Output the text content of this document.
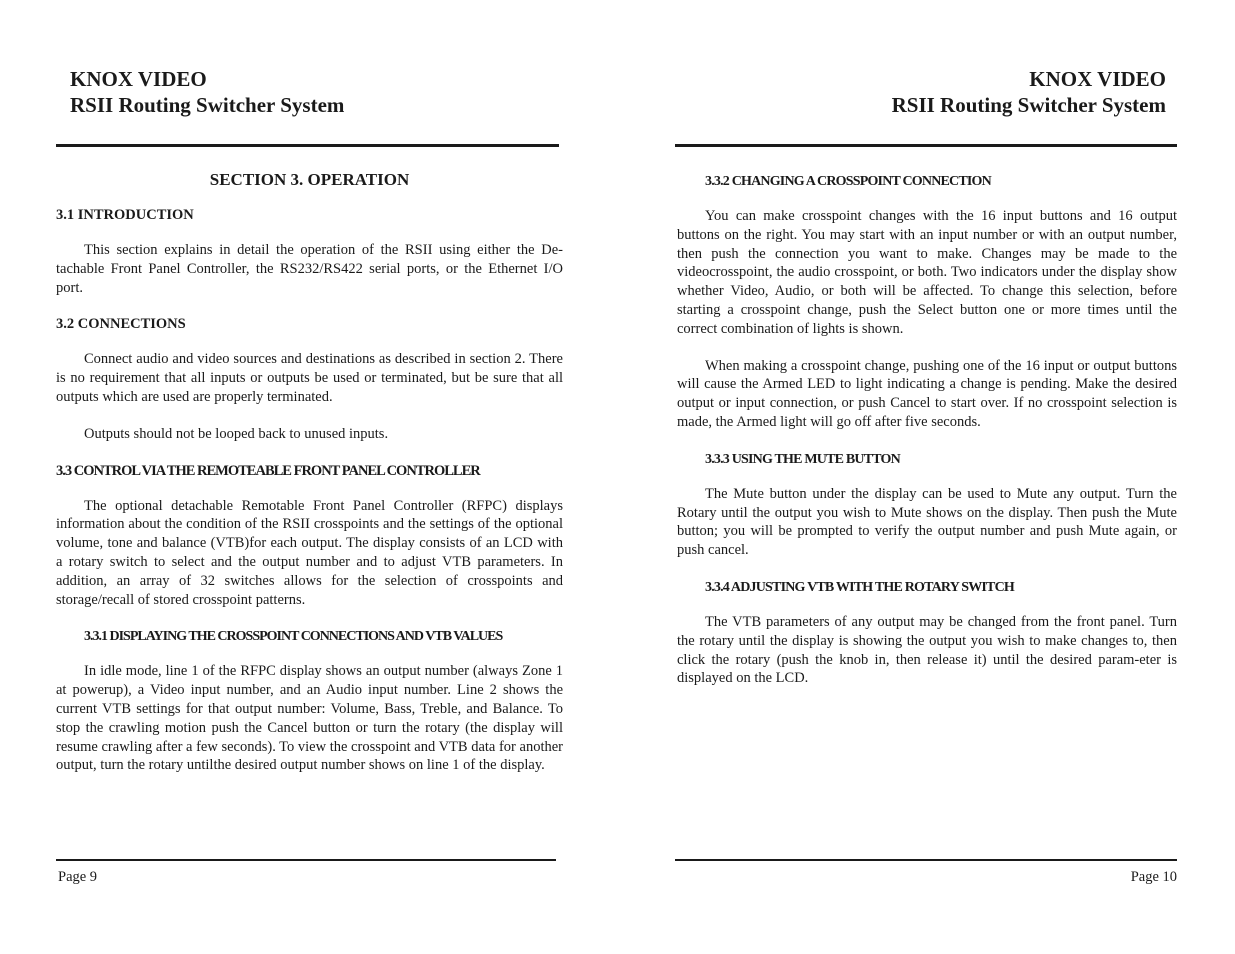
KNOX VIDEO
RSII Routing Switcher System
SECTION 3. OPERATION
3.1 INTRODUCTION

This section explains in detail the operation of the RSII using either the De-tachable Front Panel Controller, the RS232/RS422 serial ports, or the Ethernet I/O port.

3.2 CONNECTIONS

Connect audio and video sources and destinations as described in section 2. There is no requirement that all inputs or outputs be used or terminated, but be sure that all outputs which are used are properly terminated.

Outputs should not be looped back to unused inputs.

3.3 CONTROL VIA THE REMOTEABLE FRONT PANEL CONTROLLER

The optional detachable Remotable Front Panel Controller (RFPC) displays information about the condition of the RSII crosspoints and the settings of the optional volume, tone and balance (VTB)for each output. The display consists of an LCD with a rotary switch to select and the output number and to adjust VTB parameters. In addition, an array of 32 switches allows for the selection of crosspoints and storage/recall of stored crosspoint patterns.

3.3.1 DISPLAYING THE CROSSPOINT CONNECTIONS AND VTB VALUES

In idle mode, line 1 of the RFPC display shows an output number (always Zone 1 at powerup), a Video input number, and an Audio input number. Line 2 shows the current VTB settings for that output number: Volume, Bass, Treble, and Balance. To stop the crawling motion push the Cancel button or turn the rotary (the display will resume crawling after a few seconds). To view the crosspoint and VTB data for another output, turn the rotary untilthe desired output number shows on line 1 of the display.

Page 9
KNOX VIDEO
RSII Routing Switcher System
3.3.2 CHANGING A CROSSPOINT CONNECTION

You can make crosspoint changes with the 16 input buttons and 16 output buttons on the right. You may start with an input number or with an output number, then push the connection you want to make. Changes may be made to the videocrosspoint, the audio crosspoint, or both. Two indicators under the display show whether Video, Audio, or both will be affected. To change this selection, before starting a crosspoint change, push the Select button one or more times until the correct combination of lights is shown.

When making a crosspoint change, pushing one of the 16 input or output buttons will cause the Armed LED to light indicating a change is pending. Make the desired output or input connection, or push Cancel to start over. If no crosspoint selection is made, the Armed light will go off after five seconds.

3.3.3 USING THE MUTE BUTTON

The Mute button under the display can be used to Mute any output. Turn the Rotary until the output you wish to Mute shows on the display. Then push the Mute button; you will be prompted to verify the output number and push Mute again, or push cancel.

3.3.4 ADJUSTING VTB WITH THE ROTARY SWITCH

The VTB parameters of any output may be changed from the front panel. Turn the rotary until the display is showing the output you wish to make changes to, then click the rotary (push the knob in, then release it) until the desired param-eter is displayed on the LCD.

Page 10
